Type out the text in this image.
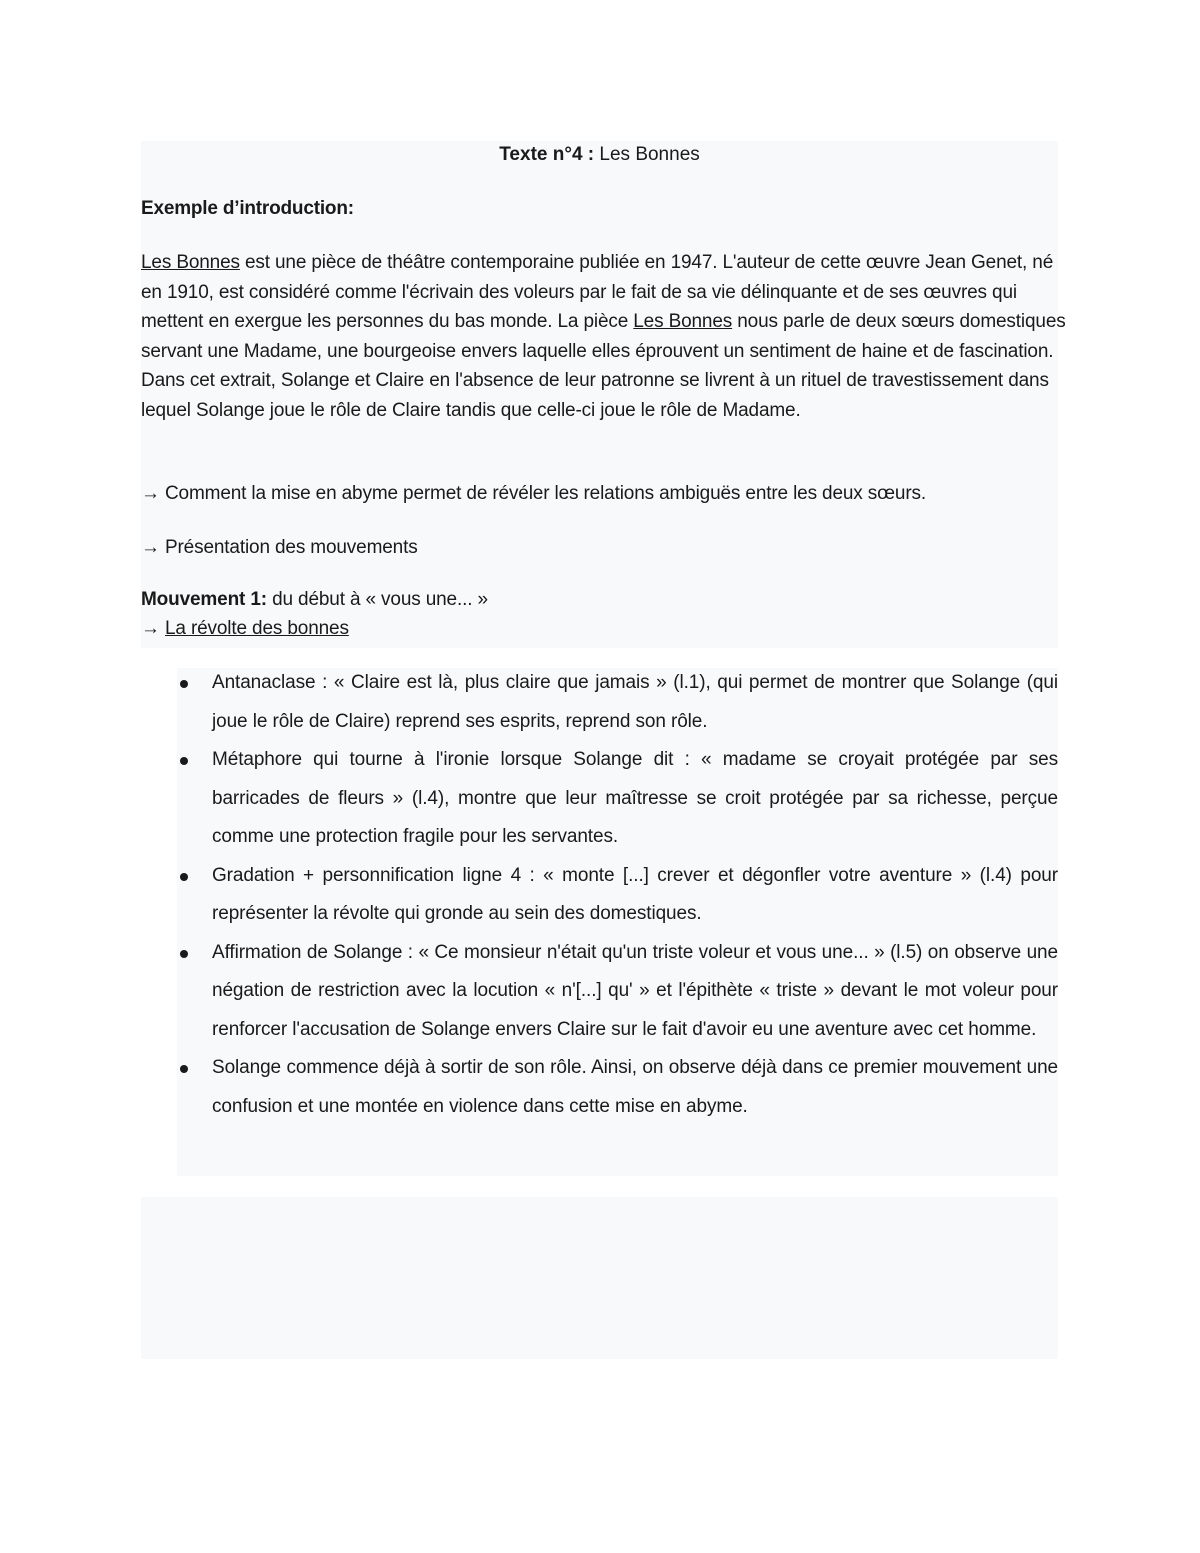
Texte n°4 : Les Bonnes
Exemple d’introduction:
Les Bonnes est une pièce de théâtre contemporaine publiée en 1947. L'auteur de cette œuvre Jean Genet, né en 1910, est considéré comme l'écrivain des voleurs par le fait de sa vie délinquante et de ses œuvres qui mettent en exergue les personnes du bas monde. La pièce Les Bonnes nous parle de deux sœurs domestiques servant une Madame, une bourgeoise envers laquelle elles éprouvent un sentiment de haine et de fascination. Dans cet extrait, Solange et Claire en l'absence de leur patronne se livrent à un rituel de travestissement dans lequel Solange joue le rôle de Claire tandis que celle-ci joue le rôle de Madame.
→ Comment la mise en abyme permet de révéler les relations ambiguës entre les deux sœurs.
→ Présentation des mouvements
Mouvement 1: du début à « vous une... »
→ La révolte des bonnes
Antanaclase : « Claire est là, plus claire que jamais » (l.1), qui permet de montrer que Solange (qui joue le rôle de Claire) reprend ses esprits, reprend son rôle.
Métaphore qui tourne à l'ironie lorsque Solange dit : « madame se croyait protégée par ses barricades de fleurs » (l.4), montre que leur maîtresse se croit protégée par sa richesse, perçue comme une protection fragile pour les servantes.
Gradation + personnification ligne 4 : « monte [...] crever et dégonfler votre aventure » (l.4) pour représenter la révolte qui gronde au sein des domestiques.
Affirmation de Solange : « Ce monsieur n'était qu'un triste voleur et vous une... » (l.5) on observe une négation de restriction avec la locution « n'[...] qu' » et l'épithète « triste » devant le mot voleur pour renforcer l'accusation de Solange envers Claire sur le fait d'avoir eu une aventure avec cet homme.
Solange commence déjà à sortir de son rôle. Ainsi, on observe déjà dans ce premier mouvement une confusion et une montée en violence dans cette mise en abyme.
